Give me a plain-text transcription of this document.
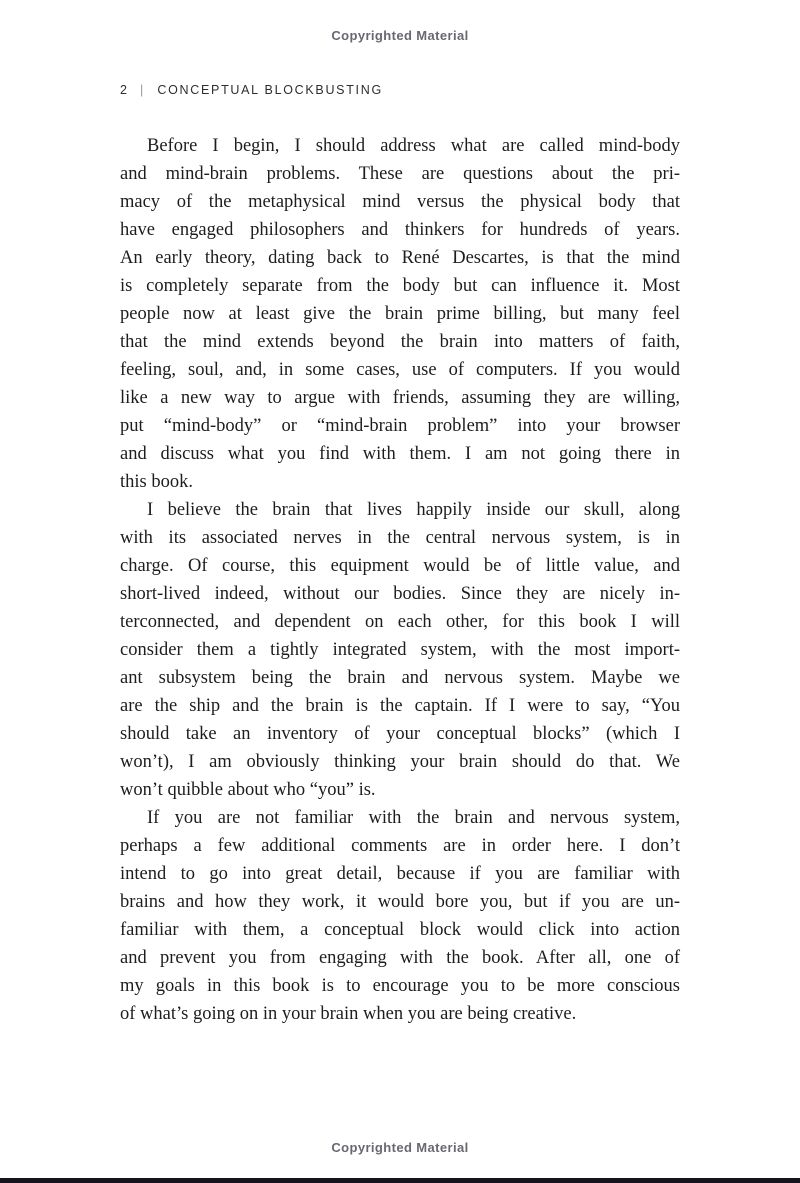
Copyrighted Material
2 | CONCEPTUAL BLOCKBUSTING
Before I begin, I should address what are called mind-body
and mind-brain problems. These are questions about the pri-
macy of the metaphysical mind versus the physical body that
have engaged philosophers and thinkers for hundreds of years.
An early theory, dating back to René Descartes, is that the mind
is completely separate from the body but can influence it. Most
people now at least give the brain prime billing, but many feel
that the mind extends beyond the brain into matters of faith,
feeling, soul, and, in some cases, use of computers. If you would
like a new way to argue with friends, assuming they are willing,
put “mind-body” or “mind-brain problem” into your browser
and discuss what you find with them. I am not going there in
this book.
I believe the brain that lives happily inside our skull, along
with its associated nerves in the central nervous system, is in
charge. Of course, this equipment would be of little value, and
short-lived indeed, without our bodies. Since they are nicely in-
terconnected, and dependent on each other, for this book I will
consider them a tightly integrated system, with the most import-
ant subsystem being the brain and nervous system. Maybe we
are the ship and the brain is the captain. If I were to say, “You
should take an inventory of your conceptual blocks” (which I
won’t), I am obviously thinking your brain should do that. We
won’t quibble about who “you” is.
If you are not familiar with the brain and nervous system,
perhaps a few additional comments are in order here. I don’t
intend to go into great detail, because if you are familiar with
brains and how they work, it would bore you, but if you are un-
familiar with them, a conceptual block would click into action
and prevent you from engaging with the book. After all, one of
my goals in this book is to encourage you to be more conscious
of what’s going on in your brain when you are being creative.
Copyrighted Material
